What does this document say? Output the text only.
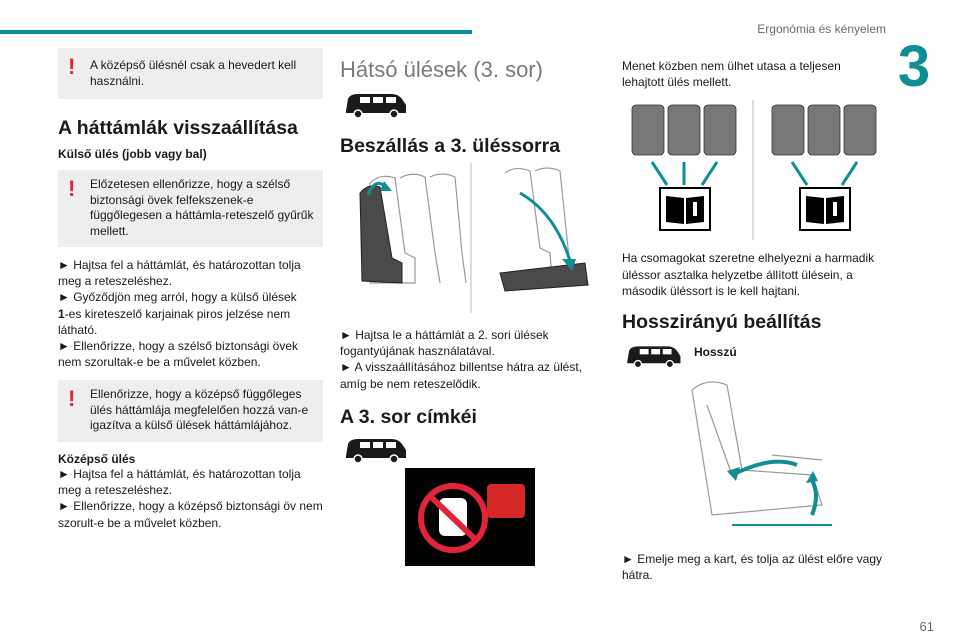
Ergonómia és kényelem
3
61
! A középső ülésnél csak a hevedert kell használni.
A háttámlák visszaállítása
Külső ülés (jobb vagy bal)
! Előzetesen ellenőrizze, hogy a szélső biztonsági övek felfekszenek-e függőlegesen a háttámla-reteszelő gyűrűk mellett.
► Hajtsa fel a háttámlát, és határozottan tolja meg a reteszeléshez.
► Győződjön meg arról, hogy a külső ülések
1-es kireteszelő karjainak piros jelzése nem látható.
► Ellenőrizze, hogy a szélső biztonsági övek nem szorultak-e be a művelet közben.
! Ellenőrizze, hogy a középső függőleges ülés háttámlája megfelelően hozzá van-e igazítva a külső ülések háttámlájához.
Középső ülés
► Hajtsa fel a háttámlát, és határozottan tolja meg a reteszeléshez.
► Ellenőrizze, hogy a középső biztonsági öv nem szorult-e be a művelet közben.
Hátsó ülések (3. sor)
Beszállás a 3. üléssorra
► Hajtsa le a háttámlát a 2. sori ülések fogantyújának használatával.
► A visszaállításához billentse hátra az ülést, amíg be nem reteszelődik.
A 3. sor címkéi
Menet közben nem ülhet utasa a teljesen lehajtott ülés mellett.
Ha csomagokat szeretne elhelyezni a harmadik üléssor asztalka helyzetbe állított ülésein, a második üléssort is le kell hajtani.
Hosszirányú beállítás
Hosszú
► Emelje meg a kart, és tolja az ülést előre vagy hátra.
